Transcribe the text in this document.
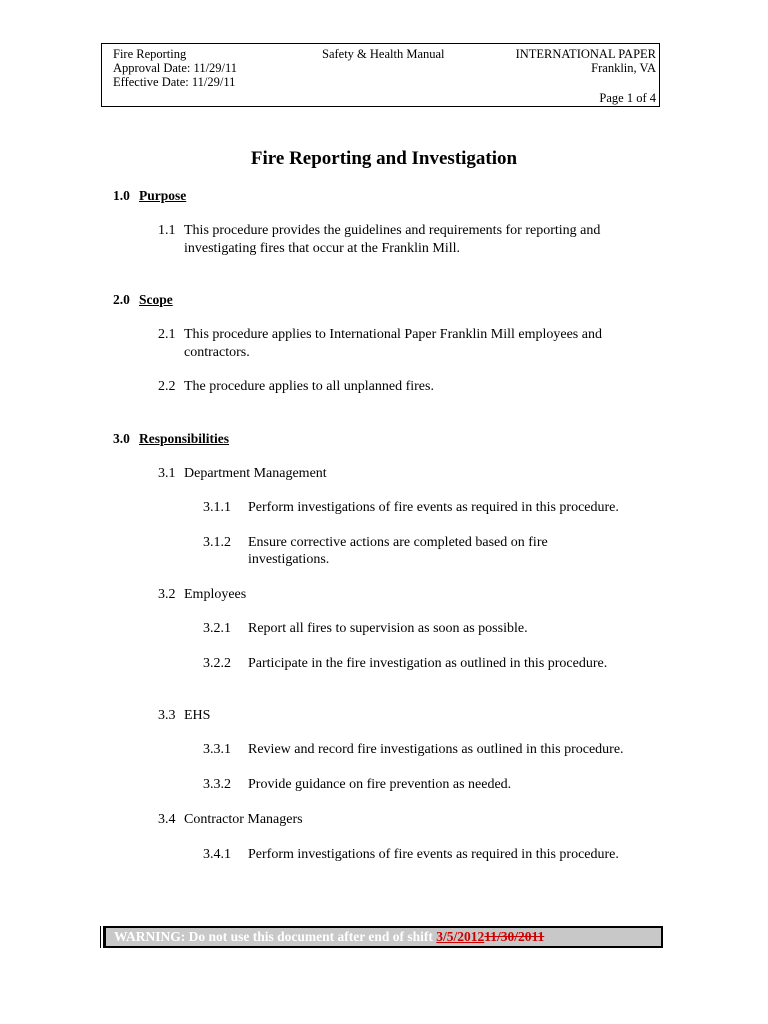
Fire Reporting
Approval Date: 11/29/11
Effective Date: 11/29/11
Safety & Health Manual	INTERNATIONAL PAPER
Franklin, VA
Page 1 of 4
Fire Reporting and Investigation
1.0 Purpose
1.1 This procedure provides the guidelines and requirements for reporting and
investigating fires that occur at the Franklin Mill.
2.0 Scope
2.1 This procedure applies to International Paper Franklin Mill employees and
contractors.
2.2 The procedure applies to all unplanned fires.
3.0 Responsibilities
3.1 Department Management
3.1.1 Perform investigations of fire events as required in this procedure.
3.1.2 Ensure corrective actions are completed based on fire
investigations.
3.2 Employees
3.2.1 Report all fires to supervision as soon as possible.
3.2.2 Participate in the fire investigation as outlined in this procedure.
3.3 EHS
3.3.1 Review and record fire investigations as outlined in this procedure.
3.3.2 Provide guidance on fire prevention as needed.
3.4 Contractor Managers
3.4.1 Perform investigations of fire events as required in this procedure.
WARNING: Do not use this document after end of shift 3/5/201211/30/2011
